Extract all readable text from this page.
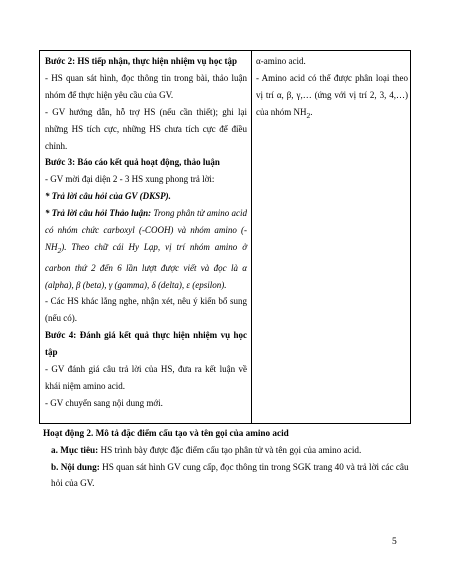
Bước 2: HS tiếp nhận, thực hiện nhiệm vụ học tập

- HS quan sát hình, đọc thông tin trong bài, thảo luận nhóm để thực hiện yêu cầu của GV.

- GV hướng dẫn, hỗ trợ HS (nếu cần thiết); ghi lại những HS tích cực, những HS chưa tích cực để điều chỉnh.

Bước 3: Báo cáo kết quả hoạt động, thảo luận

- GV mời đại diện 2 - 3 HS xung phong trả lời:

* Trả lời câu hỏi của GV (DKSP).

* Trả lời câu hỏi Thảo luận: Trong phân tử amino acid có nhóm chức carboxyl (-COOH) và nhóm amino $(-NH_2)$. Theo chữ cái Hy Lạp, vị trí nhóm amino ở carbon thứ 2 đến 6 lần lượt được viết và đọc là α (alpha), β (beta), γ (gamma), δ (delta), ε (epsilon).

- Các HS khác lắng nghe, nhận xét, nêu ý kiến bổ sung (nếu có).

Bước 4: Đánh giá kết quả thực hiện nhiệm vụ học tập

- GV đánh giá câu trả lời của HS, đưa ra kết luận về khái niệm amino acid.

- GV chuyển sang nội dung mới.

α-amino acid.

- Amino acid có thể được phân loại theo vị trí α, β, γ,… (ứng với vị trí 2, 3, 4,…) của nhóm $NH_2$.

Hoạt động 2. Mô tả đặc điểm cấu tạo và tên gọi của amino acid

a. Mục tiêu: HS trình bày được đặc điểm cấu tạo phân tử và tên gọi của amino acid.

b. Nội dung: HS quan sát hình GV cung cấp, đọc thông tin trong SGK trang 40 và trả lời các câu hỏi của GV.

5
